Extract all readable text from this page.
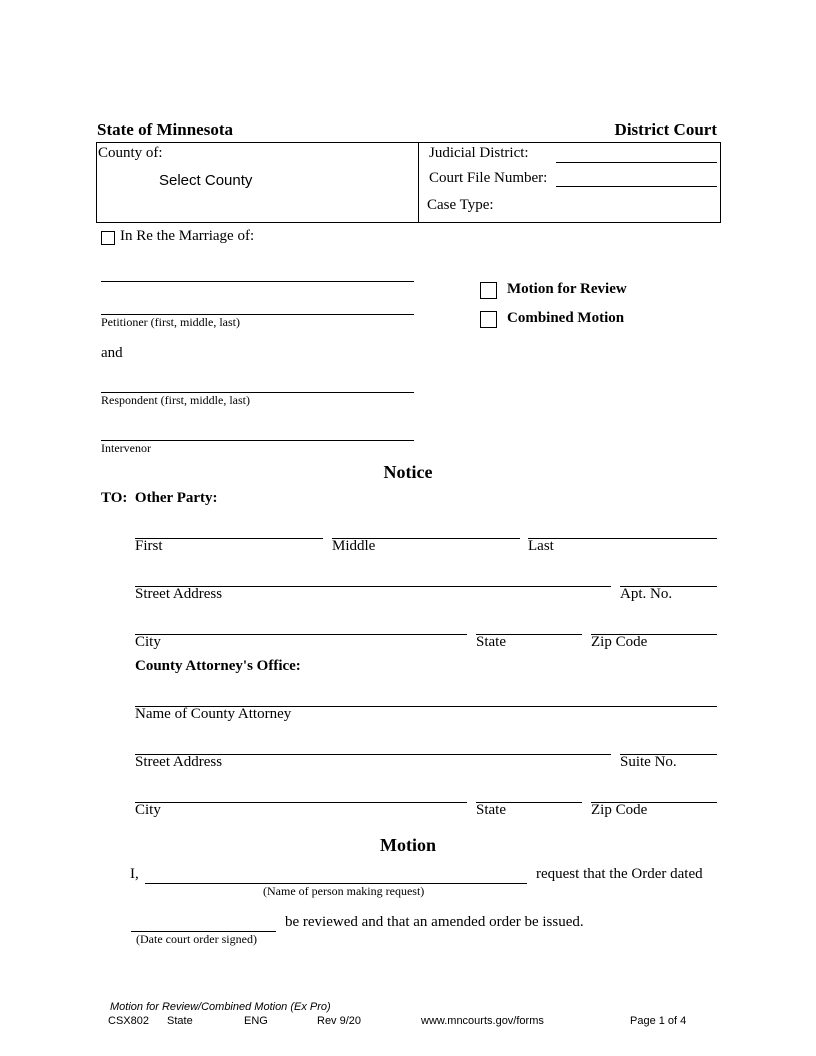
State of Minnesota	District Court
County of:
Select County
Judicial District:
Court File Number:
Case Type:
In Re the Marriage of:
Petitioner (first, middle, last)
and
Respondent (first, middle, last)
Intervenor
Motion for Review
Combined Motion
Notice
TO:  Other Party:
First	Middle	Last
Street Address	Apt. No.
City	State	Zip Code
County Attorney's Office:
Name of County Attorney
Street Address	Suite No.
City	State	Zip Code
Motion
I,	request that the Order dated
(Name of person making request)
be reviewed and that an amended order be issued.
(Date court order signed)
Motion for Review/Combined Motion (Ex Pro)
CSX802 State	ENG	Rev 9/20	www.mncourts.gov/forms	Page 1 of 4
